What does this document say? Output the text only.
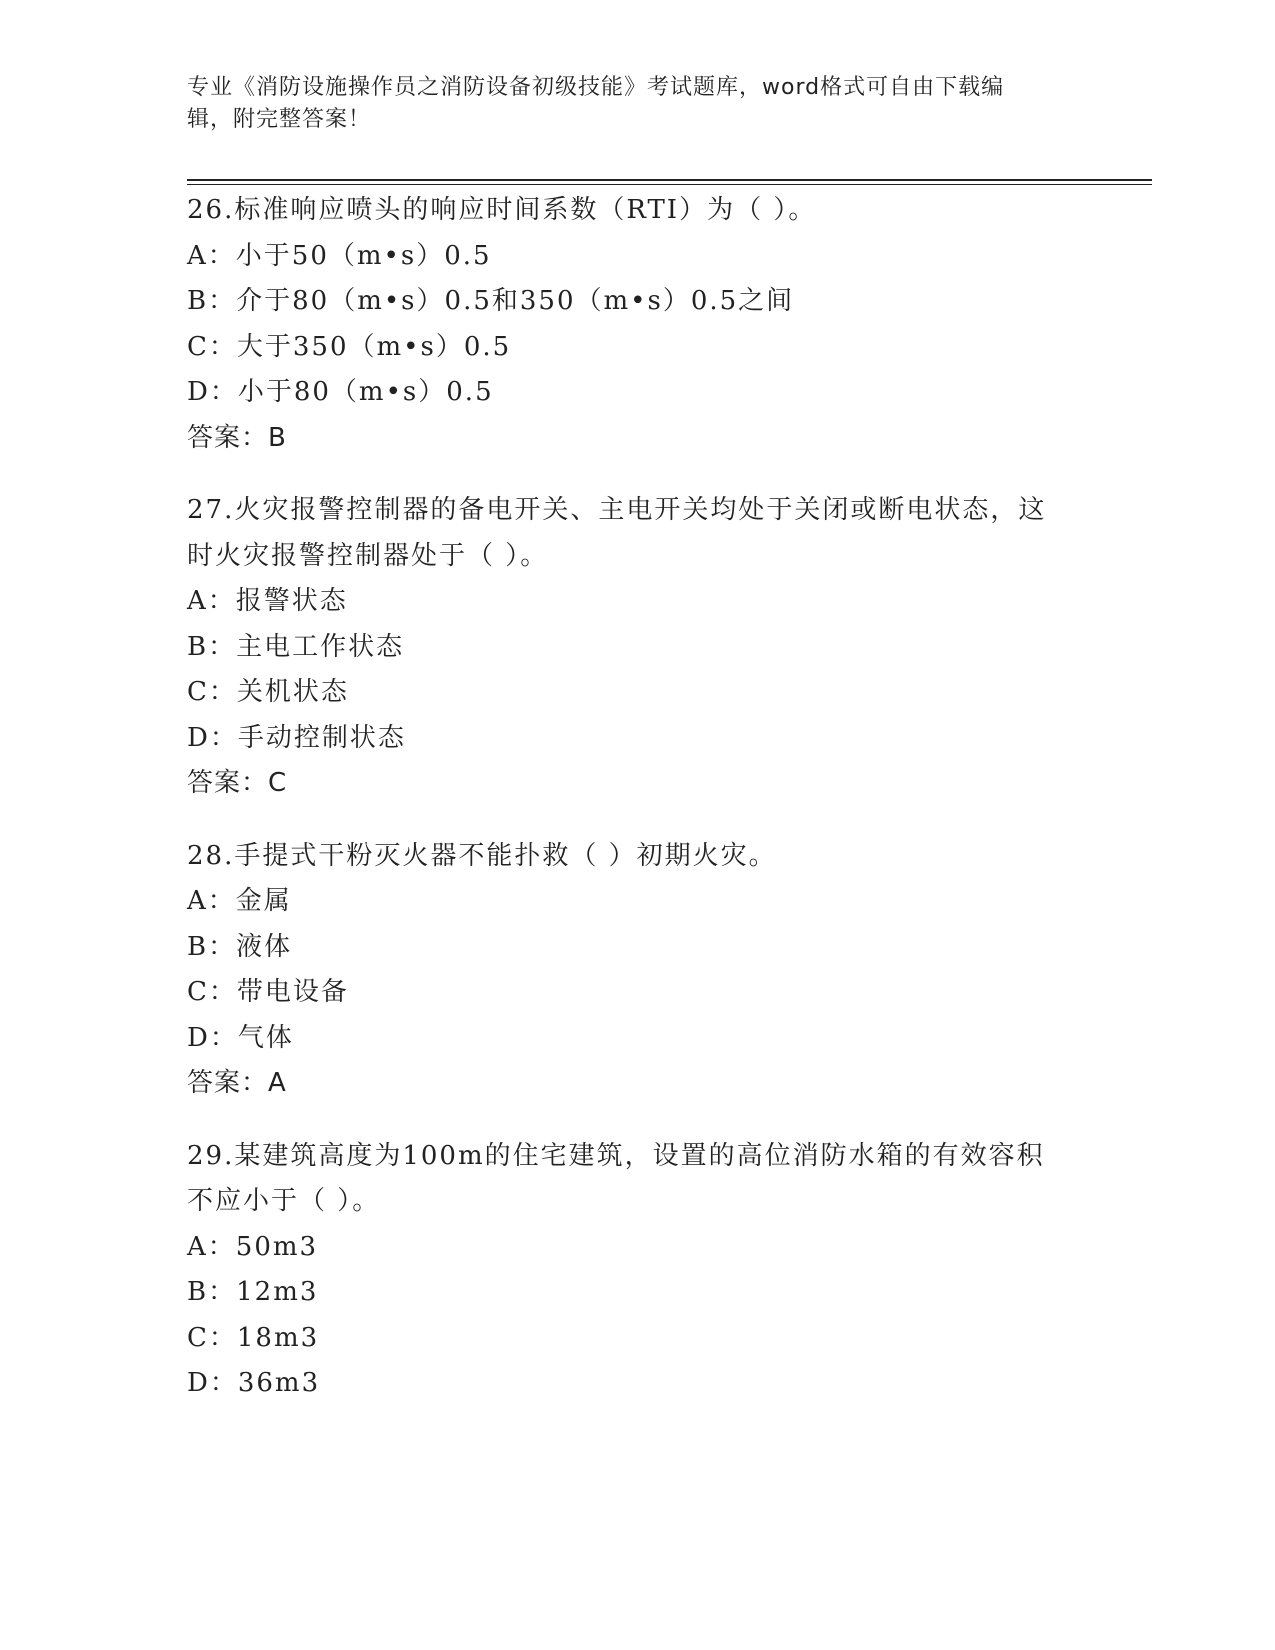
专业《消防设施操作员之消防设备初级技能》考试题库，word格式可自由下载编
辑，附完整答案！
26.标准响应喷头的响应时间系数（RTI）为（ ）。
A：小于50（m•s）0.5
B：介于80（m•s）0.5和350（m•s）0.5之间
C：大于350（m•s）0.5
D：小于80（m•s）0.5
答案：B
27.火灾报警控制器的备电开关、主电开关均处于关闭或断电状态，这
时火灾报警控制器处于（ ）。
A：报警状态
B：主电工作状态
C：关机状态
D：手动控制状态
答案：C
28.手提式干粉灭火器不能扑救（ ）初期火灾。
A：金属
B：液体
C：带电设备
D：气体
答案：A
29.某建筑高度为100m的住宅建筑，设置的高位消防水箱的有效容积
不应小于（ ）。
A：50m3
B：12m3
C：18m3
D：36m3
